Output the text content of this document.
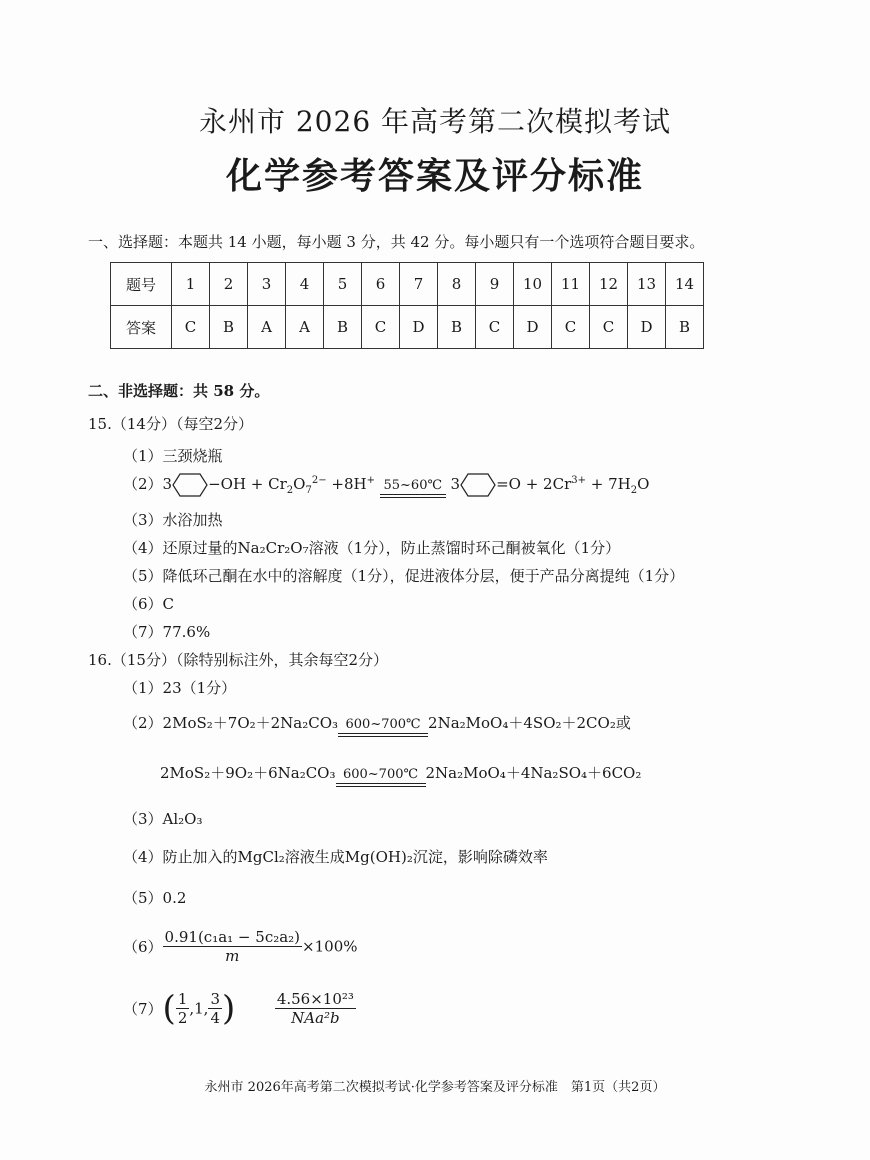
永州市 2026 年高考第二次模拟考试
化学参考答案及评分标准
一、选择题：本题共 14 小题，每小题 3 分，共 42 分。每小题只有一个选项符合题目要求。
题号	1	2	3	4	5	6	7	8	9	10	11	12	13	14
答案	C	B	A	A	B	C	D	B	C	D	C	C	D	B
二、非选择题：共 58 分。
15.（14分）（每空2分）
（1）三颈烧瓶
$(2)3 -OH + Cr_2O_7^{2-} +8H^+$ 55~60℃ $3 =O + 2Cr^{3+} + 7H_2O$
（3）水浴加热
（4）还原过量的Na₂Cr₂O₇溶液（1分），防止蒸馏时环己酮被氧化（1分）
（5）降低环己酮在水中的溶解度（1分），促进液体分层，便于产品分离提纯（1分）
（6）C
（7）77.6%
16.（15分）（除特别标注外，其余每空2分）
（1）23（1分）
（2）2MoS₂＋7O₂＋2Na₂CO₃ 600~700℃ 2Na₂MoO₄＋4SO₂＋2CO₂或
2MoS₂＋9O₂＋6Na₂CO₃ 600~700℃ 2Na₂MoO₄＋4Na₂SO₄＋6CO₂
（3）Al₂O₃
（4）防止加入的MgCl₂溶液生成Mg(OH)₂沉淀，影响除磷效率
（5）0.2
$(6) \frac{\text{0.91(c₁a₁ − 5c₂a₂)}}{m} \times 100\%$
$(7)( \frac{1}{2} ,1$, $\frac{3}{4}$ )	$\frac{\text{4.56×10²³}}{\text{NAa²b}}$
永州市 2026年高考第二次模拟考试·化学参考答案及评分标准　第1页（共2页）
